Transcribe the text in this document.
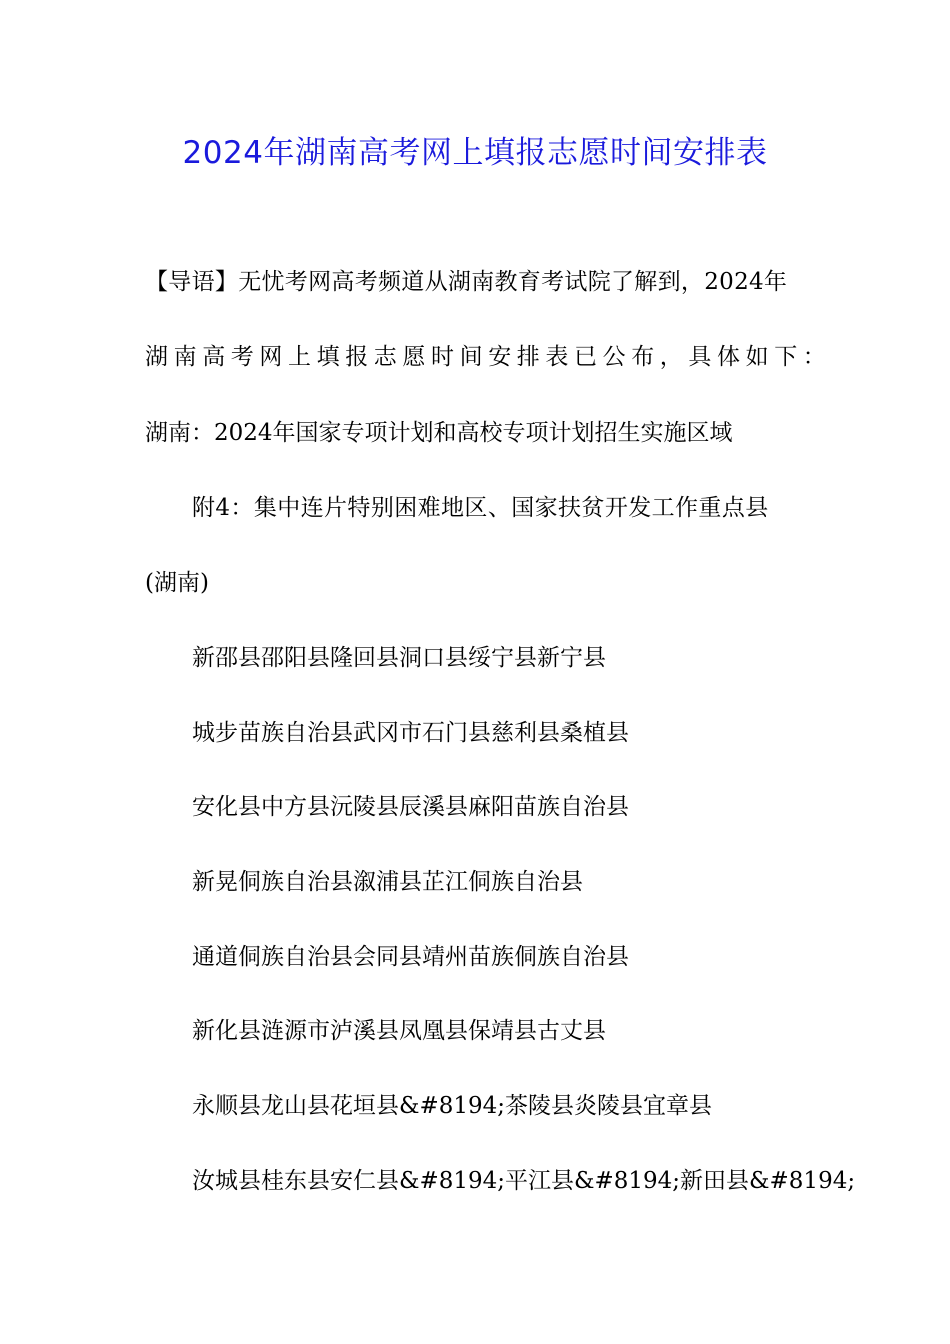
2024年湖南高考网上填报志愿时间安排表
【导语】无忧考网高考频道从湖南教育考试院了解到，2024年
湖南高考网上填报志愿时间安排表已公布，具体如下：
湖南：2024年国家专项计划和高校专项计划招生实施区域
附4：集中连片特别困难地区、国家扶贫开发工作重点县
(湖南)
新邵县邵阳县隆回县洞口县绥宁县新宁县
城步苗族自治县武冈市石门县慈利县桑植县
安化县中方县沅陵县辰溪县麻阳苗族自治县
新晃侗族自治县溆浦县芷江侗族自治县
通道侗族自治县会同县靖州苗族侗族自治县
新化县涟源市泸溪县凤凰县保靖县古丈县
永顺县龙山县花垣县&#8194;茶陵县炎陵县宜章县
汝城县桂东县安仁县&#8194;平江县&#8194;新田县&#8194;
